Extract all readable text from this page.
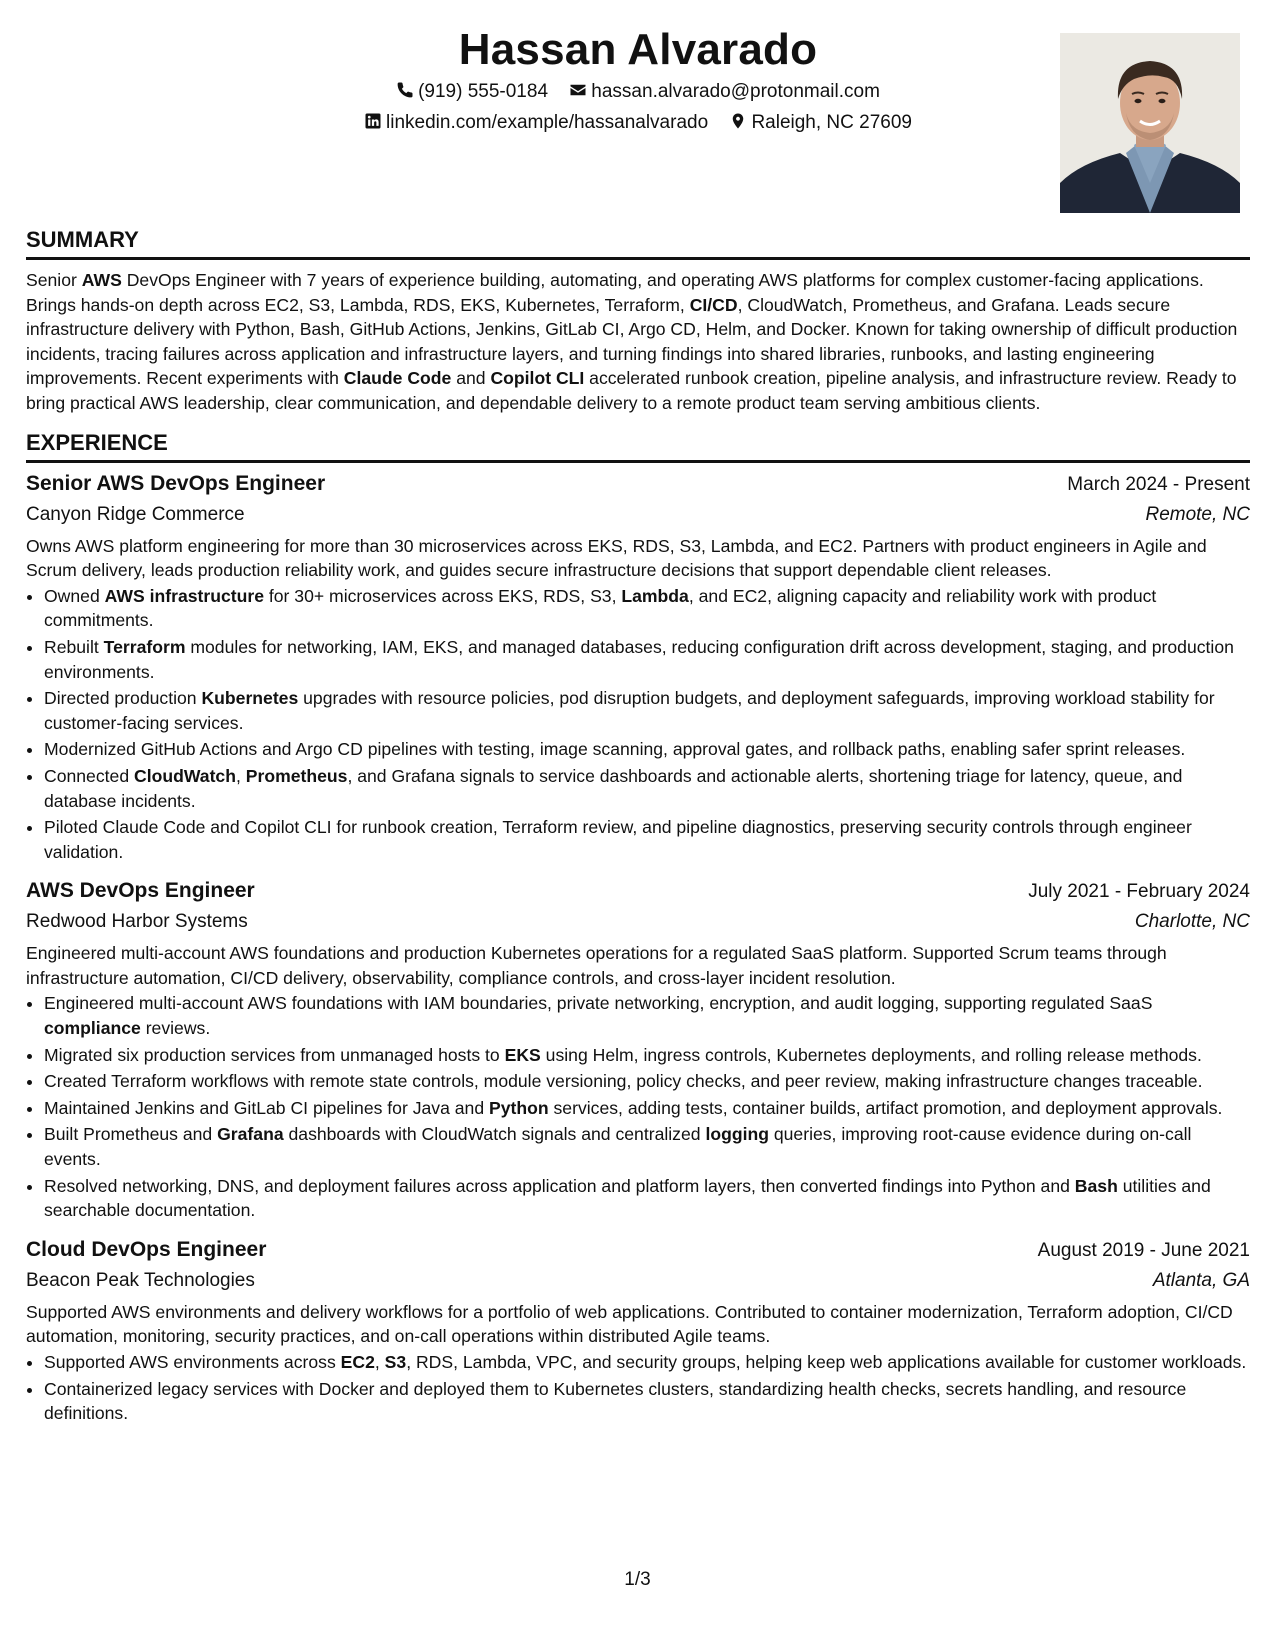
Hassan Alvarado
(919) 555-0184 hassan.alvarado@protonmail.com
linkedin.com/example/hassanalvarado Raleigh, NC 27609
SUMMARY

Senior AWS DevOps Engineer with 7 years of experience building, automating, and operating AWS platforms for complex customer-facing applications. Brings hands-on depth across EC2, S3, Lambda, RDS, EKS, Kubernetes, Terraform, CI/CD, CloudWatch, Prometheus, and Grafana. Leads secure infrastructure delivery with Python, Bash, GitHub Actions, Jenkins, GitLab CI, Argo CD, Helm, and Docker. Known for taking ownership of difficult production incidents, tracing failures across application and infrastructure layers, and turning findings into shared libraries, runbooks, and lasting engineering improvements. Recent experiments with Claude Code and Copilot CLI accelerated runbook creation, pipeline analysis, and infrastructure review. Ready to bring practical AWS leadership, clear communication, and dependable delivery to a remote product team serving ambitious clients.

EXPERIENCE
Senior AWS DevOps Engineer	March 2024 - Present
Canyon Ridge Commerce	Remote, NC

Owns AWS platform engineering for more than 30 microservices across EKS, RDS, S3, Lambda, and EC2. Partners with product engineers in Agile and Scrum delivery, leads production reliability work, and guides secure infrastructure decisions that support dependable client releases.

• Owned AWS infrastructure for 30+ microservices across EKS, RDS, S3, Lambda, and EC2, aligning capacity and reliability work with product commitments.
• Rebuilt Terraform modules for networking, IAM, EKS, and managed databases, reducing configuration drift across development, staging, and production environments.
• Directed production Kubernetes upgrades with resource policies, pod disruption budgets, and deployment safeguards, improving workload stability for customer-facing services.
• Modernized GitHub Actions and Argo CD pipelines with testing, image scanning, approval gates, and rollback paths, enabling safer sprint releases.
• Connected CloudWatch, Prometheus, and Grafana signals to service dashboards and actionable alerts, shortening triage for latency, queue, and database incidents.
• Piloted Claude Code and Copilot CLI for runbook creation, Terraform review, and pipeline diagnostics, preserving security controls through engineer validation.
AWS DevOps Engineer	July 2021 - February 2024
Redwood Harbor Systems	Charlotte, NC

Engineered multi-account AWS foundations and production Kubernetes operations for a regulated SaaS platform. Supported Scrum teams through infrastructure automation, CI/CD delivery, observability, compliance controls, and cross-layer incident resolution.

• Engineered multi-account AWS foundations with IAM boundaries, private networking, encryption, and audit logging, supporting regulated SaaS compliance reviews.
• Migrated six production services from unmanaged hosts to EKS using Helm, ingress controls, Kubernetes deployments, and rolling release methods.
• Created Terraform workflows with remote state controls, module versioning, policy checks, and peer review, making infrastructure changes traceable.
• Maintained Jenkins and GitLab CI pipelines for Java and Python services, adding tests, container builds, artifact promotion, and deployment approvals.
• Built Prometheus and Grafana dashboards with CloudWatch signals and centralized logging queries, improving root-cause evidence during on-call events.
• Resolved networking, DNS, and deployment failures across application and platform layers, then converted findings into Python and Bash utilities and searchable documentation.
Cloud DevOps Engineer	August 2019 - June 2021
Beacon Peak Technologies	Atlanta, GA

Supported AWS environments and delivery workflows for a portfolio of web applications. Contributed to container modernization, Terraform adoption, CI/CD automation, monitoring, security practices, and on-call operations within distributed Agile teams.

• Supported AWS environments across EC2, S3, RDS, Lambda, VPC, and security groups, helping keep web applications available for customer workloads.
• Containerized legacy services with Docker and deployed them to Kubernetes clusters, standardizing health checks, secrets handling, and resource definitions.
1/3
